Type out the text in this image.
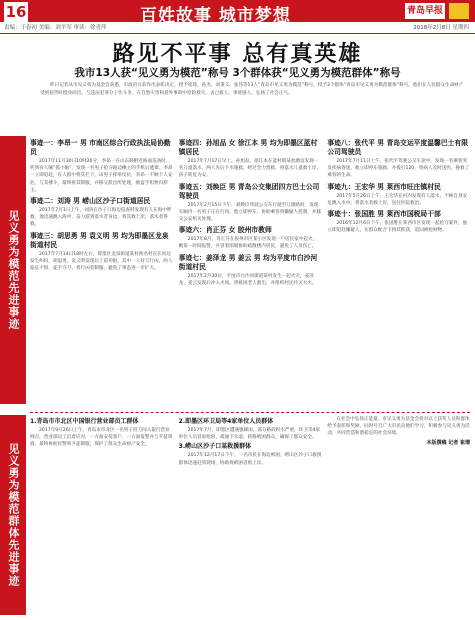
16	百姓故事 城市梦想	青岛早报
责编：于春初 美编：刘平军 审读：徐青萍	2018年2月8日 星期四
路见不平事 总有真英雄
我市13人获“见义勇为模范”称号 3个群体获“见义勇为模范群体”称号
昨日记者从市见义勇为基金会获悉，市政府日前作出表彰决定，授予崔琦、孙杰、刘秉义、张伟等13人“青岛市见义勇为模范”称号，授予3个群体“青岛市见义勇为模范群体”称号。他们在人民群众生命财产受到侵害时挺身而出，与违法犯罪分子作斗争，在自然灾害和意外事故中抢险救灾、舍己救人，事迹感人，弘扬了社会正气。
见义勇为模范先进事迹
见义勇为模范群体先进事迹
事迹一：李昂一 男 市南区综合行政执法局协勤员
2017年11月30日10时20分，李昂一在山东路附近路面巡查时，听到有人喊“抓小偷”，发现一名男子抢夺路边摊主的手机后逃窜。李昂一立即追赶，在人群中将其拦下，该男子挥拳反抗，李昂一不顾个人安危，与其搏斗，最终将其制服，并移交派出所处理，被盗手机物归原主。
事迹二：刘涛 男 崂山区沙子口街道居民
2017年7月1日上午，刘涛在沙子口海边巡查时发现有人在海中呼救，他迅速跳入海中，奋力游到落水者身边，将其救上岸，落水者得救。
事迹三：胡思勇 男 袁义明 男 均为即墨区龙泉街道村民
2017年7月14日18时左右，即墨区龙泉街道某村两名村民在河边发生纠纷，胡思勇、袁义明发现后上前劝阻，其中一人持刀行凶，两人临危不惧，徒手夺刀，将行凶者制服，避免了事态进一步扩大。
事迹四：孙旭品 女 徐江本 男 均为即墨区蓝村镇居民
2017年7月17日早上，孙旭品、徐江本在蓝村镇某池塘边发现一名儿童落水，两人先后下水施救，经过全力营救，将落水儿童救上岸，孩子转危为安。
事迹五：刘焕臣 男 青岛公交集团四方巴士公司驾驶员
2017年2月15日下午，刘焕臣驾驶公交车行驶至辽源路时，发现车厢内一名男子正在行窃，他立即停车，协助乘客将嫌疑人控制，并移交公安机关处理。
事迹六：肖正芬 女 胶州市教师
2017年8月，肖正芬在胶州市区某小区发现一户居民家中起火，她第一时间报警，并冒着浓烟协助疏散楼内居民，避免了人员伤亡。
事迹七：姜泽龙 男 姜云 男 均为平度市白沙河街道村民
2017年2月30日，平度市白沙河街道某村发生一起火灾，姜泽龙、姜云发现后冲入火场，将被困老人救出，并组织村民扑灭大火。
事迹八：张代平 男 青岛交运平度温馨巴士有限公司驾驶员
2017年7月11日上午，张代平驾驶公交车途中，发现一名乘客突发疾病昏迷，他立即停车施救，并拨打120，将病人及时送医，挽救了乘客的生命。
事迹九：王宏华 男 莱西市旺庄镇村民
2017年5月26日上午，王宏华在村内发现有人落水，不顾自身安危跳入水中，将落水者救上岸，送往医院救治。
事迹十：张国胜 男 莱西市国税局干部
2016年12月6日下午，张国胜在莱西市区发现一起抢夺案件，他立即追赶嫌疑人，在群众配合下将其抓获，追回被抢财物。
1.青岛市市北区中国银行营业部员工群体
2017年9月26日上午，青岛市市北区一名男子持刀闯入银行营业网点，营业部员工沉着应对，一方面安抚客户，一方面报警并与歹徒周旋，最终协助民警将歹徒制服，保护了群众生命财产安全。
2.即墨区环卫局等4家单位人员群体
2017年7月，即墨区遭遇强降雨，部分路段积水严重，环卫等4家单位人员冒雨抢险，疏通下水道，转移被困群众，确保了群众安全。
3.崂山区沙子口某救援群体
2017年12月17日下午，一名市民在海边被困，崂山区沙子口救援群体迅速赶到现场，协助将被困者救上岸。
在社会中弘扬正能量。市见义勇为基金会将对以上获奖人员和群体给予表彰和奖励，同时号召广大市民向他们学习，积极参与见义勇为活动，共同营造和谐稳定的社会环境。
本版撰稿 记者 崔璟
